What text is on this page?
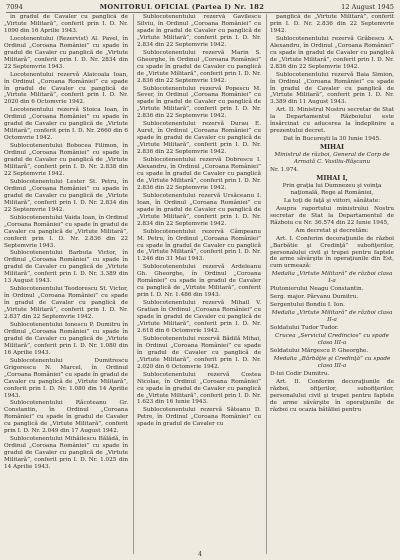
7094	MONITORUL OFICIAL (Partea I) Nr. 182	12 August 1945

în gradul de Cavaler cu panglică de „Virtute Militară”, conferit prin I. D. Nr. 1090 din 16 Aprilie 1943.

Locotenentului (Rezervist) Al. Pavel, în Ordinul „Coroana României” cu spade în gradul de Cavaler cu panglică de „Virtute Militară”, conferit prin I. D. Nr. 2834 din 22 Septemvrie 1943.

Locotenentului rezervă Alaicoala Ioan, în Ordinul „Coroana României” cu spade în gradul de Cavaler cu panglică de „Virtute Militară”, conferit prin I. D. Nr. 2020 din 6 Octomvrie 1942.

Locotenentului rezervă Stoica Ioan, în Ordinul „Coroana României” cu spade în gradul de Cavaler cu panglică de „Virtute Militară”, conferit prin I. D. Nr. 2660 din 6 Octomvrie 1942.

Sublocotenentului Bobocea Filimon, în Ordinul „Coroana României” cu spade în gradul de Cavaler cu panglică de „Virtute Militară”, conferit prin I. D. Nr. 2.838 din 22 Septemvrie 1942.

Sublocotenentului Lester St. Petru, în Ordinul „Coroana României” cu spade în gradul de Cavaler cu panglică de „Virtute Militară”, conferit prin I. D. Nr. 2.834 din 22 Septemvrie 1942.

Sublocotenentului Vaida Ioan, în Ordinul „Coroana României” cu spade în gradul de Cavaler cu panglică de „Virtute Militară”, conferit prin I. D. Nr. 2.836 din 22 Septemvrie 1943.

Sublocotenentului Barbuta Victor, în Ordinul „Coroana României” cu spade în gradul de Cavaler cu panglică de „Virtute Militară”, conferit prin I. D. Nr. 3.389 din 13 August 1943.

Sublocotenentului Teodorescu St. Victor, în Ordinul „Coroana României” cu spade în gradul de Cavaler cu panglică de „Virtute Militară”, conferit prin I. D. Nr. 2.837 din 22 Septemvrie 1942.

Sublocotenentului Ionescu P. Dumitru în Ordinul „Coroana României” cu spade în gradul de Cavaler cu panglică de „Virtute Militară”, conferit prin I. D. Nr. 1.080 din 16 Aprilie 1943.

Sublocotenentului Dumitrescu Grigorescu N. Marcel, în Ordinul „Coroana României” cu spade în gradul de Cavaler cu panglică de „Virtute Militară”, conferit prin I. D. Nr. 1.080 din 14 Aprilie 1943.

Sublocotenentului Răcoteanu Gr. Constantin, în Ordinul „Coroana României” cu spade în gradul de Cavaler cu panglică de „Virtute Militară”, conferit prin I. D. Nr. 2.049 din 17 August 1942.

Sublocotenentului Mihăilescu Bălădă, în Ordinul „Coroana României” cu spade în gradul de Cavaler cu panglică de „Virtute Militară”, conferit prin I. D. Nr. 1.025 din 14 Aprilie 1943.

Sublocotenentului rezervă Gavilescu Silviu, în Ordinul „Coroana României” cu spade în gradul de Cavaler cu panglică de „Virtute Militară”, conferit prin I. D. Nr. 2.834 din 22 Septemvrie 1942.

Sublocotenentului rezervă Marin S. Gheorghe, în Ordinul „Coroana României” cu spade în gradul de Cavaler cu panglică de „Virtute Militară”, conferit prin I. D. Nr. 2.836 din 22 Septemvrie 1942.

Sublocotenentului rezervă Popescu M. Sever, în Ordinul „Coroana României” cu spade în gradul de Cavaler cu panglică de „Virtute Militară”, conferit prin I. D. Nr. 2.836 din 22 Septemvrie 1942.

Sublocotenentului rezervă Durau E. Aurel, în Ordinul „Coroana României” cu spade în gradul de Cavaler cu panglică de „Virtute Militară”, conferit prin I. D. Nr. 2.836 din 22 Septemvrie 1942.

Sublocotenentului rezervă Dobrescu I. Alexandru, în Ordinul „Coroana României” cu spade în gradul de Cavaler cu panglică de „Virtute Militară”, conferit prin I. D. Nr. 2.836 din 22 Septemvrie 1942.

Sublocotenentului rezervă Ursăceanu I. Ioan, în Ordinul „Coroana României” cu spade în gradul de Cavaler cu panglică de „Virtute Militară”, conferit prin I. D. Nr. 2.834 din 22 Septemvrie 1942.

Sublocotenentului rezervă Câmpeanu M. Petru, în Ordinul „Coroana României” cu spade în gradul de Cavaler cu panglică de „Virtute Militară”, conferit prin I. D. Nr. 1.246 din 31 Mai 1943.

Sublocotenentului rezervă Ardeleanu Gh. Gheorghe, în Ordinul „Coroana României” cu spade în gradul de Cavaler cu panglică de „Virtute Militară”, conferit prin I. D. Nr. 1.486 din 1943.

Sublocotenentului rezervă Mihail V. Gratian în Ordinul „Coroana României” cu spade în gradul de Cavaler cu panglică de „Virtute Militară”, conferit prin I. D. Nr. 2.618 din 6 Octomvrie 1942.

Sublocotenentului rezervă Bădilă Mihai, în Ordinul „Coroana României” cu spade în gradul de Cavaler cu panglică de „Virtute Militară”, conferit prin I. D. Nr. 2.020 din 6 Octomvrie 1942.

Sublocotenentului rezervă Costea Nicolae, în Ordinul „Coroana României” cu spade în gradul de Cavaler cu panglică de „Virtute Militară”, conferit prin I. D. Nr. 1.623 din 16 Iunie 1943.

Sublocotenentului rezervă Săteanu D. Petre, în Ordinul „Coroana României” cu spade în gradul de Cavaler cu

panglică de „Virtute Militară”, conferit prin I. D. Nr. 2.836 din 22 Septemvrie 1942.

Sublocotenentului rezervă Grăbescu A. Alexandru, în Ordinul „Coroana României” cu spade în gradul de Cavaler cu panglică de „Virtute Militară”, conferit prin I. D. Nr. 2.836 din 22 Septemvrie 1942.

Sublocotenentului rezervă Baia Simion, în Ordinul „Coroana României” cu spade în gradul de Cavaler cu panglică de „Virtute Militară”, conferit prin I. D. Nr. 3.389 din 11 August 1943.

Art. II. Ministrul Nostru secretar de Stat la Departamentul Războiului este însărcinat cu aducerea la îndeplinire a prezentului decret.

Dat în Bucureşti la 30 Iunie 1945.

MIHAI

Ministrul de război, General de Corp de Armată C. Vasiliu-Răşcanu

Nr. 1.974.

MIHAI I,

Prin graţia lui Dumnezeu şi voinţa naţională, Rege al României,

La toţi de faţă şi viitori, sănătate:

Asupra raportului ministrului Nostru secretar de Stat la Departamentul de Războiu cu Nr. 36.574 din 22 Iunie 1945,

Am decretat şi decretăm:

Art. I. Conferim decoraţiunile de război „Barbătie şi Credinţă” subofiţerilor, personalului civil şi trupei pentru faptele de arme săvârşite în operaţiunile din Est, cum urmează:

Medalia „Virtute Militară” de război clasa I-a

Plutonierului Neagu Constantin.

Serg. major. Pârvanu Dumitru.

Sergentului Bondiu I. Ion.

Medalia „Virtute Militară” de război clasa II-a

Soldatului Tudor Tudor.

Crucea „Serviciul Credincios” cu spade clasa III-a

Soldatului Mărgescu P. Gheorghe.

Medalia „Bărbăţie şi Credinţă” cu spade clasa III-a

D-lui Codir Dumitru.

Art. II. Conferim decoraţiunile de război, ofiţerilor, subofiţerilor, personalului civil şi trupei pentru faptele de arme săvârşite în operaţiunile de război cu ocazia bătăliei pentru

4
